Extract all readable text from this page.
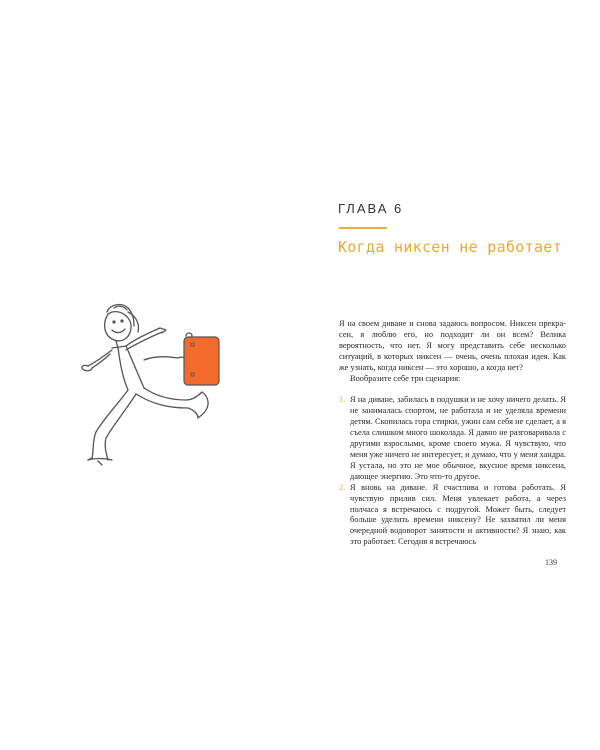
ГЛАВА 6
Когда никсен не работает

Я на своем диване и снова задаюсь вопросом. Никсен прекрасен, я люблю его, но подходит ли он всем? Велика вероятность, что нет. Я могу представить себе несколько ситуаций, в которых никсен — очень, очень плохая идея. Как же узнать, когда никсен — это хорошо, а когда нет?

Вообразите себе три сценария:

1. Я на диване, забилась в подушки и не хочу ничего делать. Я не занималась спортом, не работала и не уделяла времени детям. Скопилась гора стирки, ужин сам себя не сделает, а я съела слишком много шоколада. Я давно не разговаривала с другими взрослыми, кроме своего мужа. Я чувствую, что меня уже ничего не интересует, и думаю, что у меня хандра. Я устала, но это не мое обычное, вкусное время никсена, дающее энергию. Это что-то другое.
2. Я вновь на диване. Я счастлива и готова работать. Я чувствую прилив сил. Меня увлекает работа, а через полчаса я встречаюсь с подругой. Может быть, следует больше уделить времени никсену? Не захватил ли меня очередной водоворот занятости и активности? Я знаю, как это работает. Сегодня я встречаюсь
139
